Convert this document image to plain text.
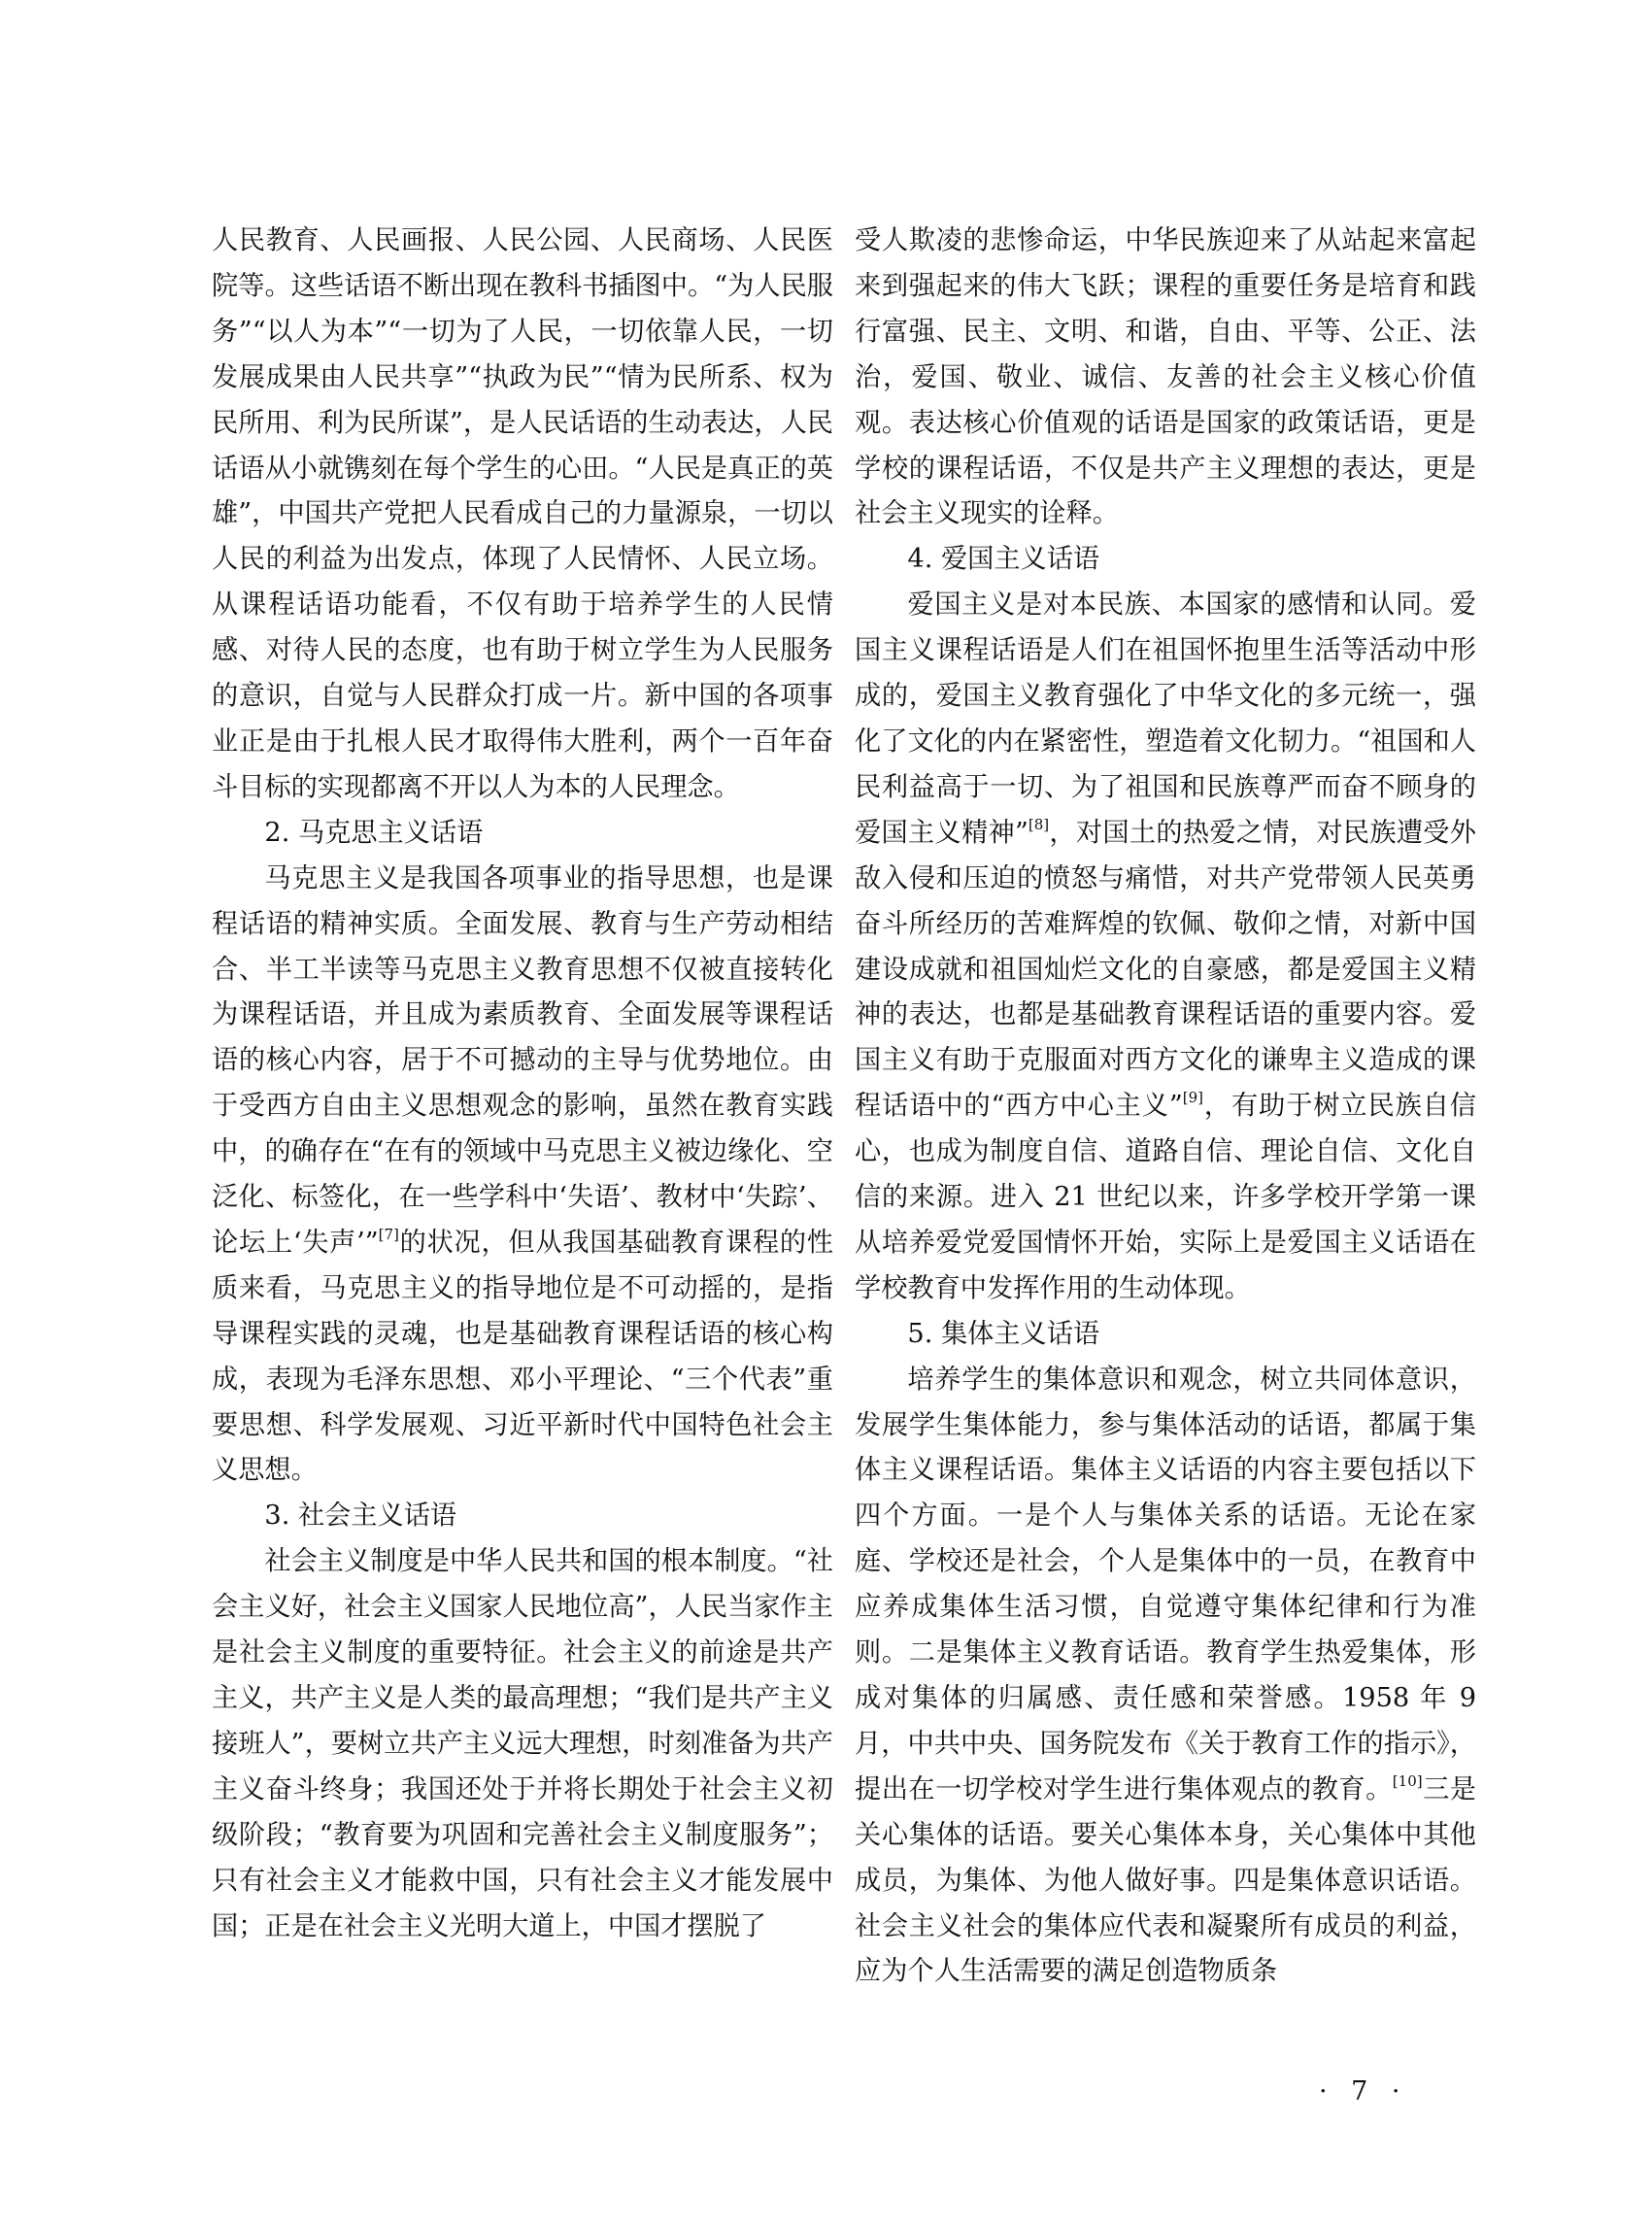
人民教育、人民画报、人民公园、人民商场、人民医院等。这些话语不断出现在教科书插图中。“为人民服务”“以人为本”“一切为了人民，一切依靠人民，一切发展成果由人民共享”“执政为民”“情为民所系、权为民所用、利为民所谋”，是人民话语的生动表达，人民话语从小就镌刻在每个学生的心田。“人民是真正的英雄”，中国共产党把人民看成自己的力量源泉，一切以人民的利益为出发点，体现了人民情怀、人民立场。从课程话语功能看，不仅有助于培养学生的人民情感、对待人民的态度，也有助于树立学生为人民服务的意识，自觉与人民群众打成一片。新中国的各项事业正是由于扎根人民才取得伟大胜利，两个一百年奋斗目标的实现都离不开以人为本的人民理念。

2. 马克思主义话语

马克思主义是我国各项事业的指导思想，也是课程话语的精神实质。全面发展、教育与生产劳动相结合、半工半读等马克思主义教育思想不仅被直接转化为课程话语，并且成为素质教育、全面发展等课程话语的核心内容，居于不可撼动的主导与优势地位。由于受西方自由主义思想观念的影响，虽然在教育实践中，的确存在“在有的领域中马克思主义被边缘化、空泛化、标签化，在一些学科中‘失语’、教材中‘失踪’、论坛上‘失声’”[7]的状况，但从我国基础教育课程的性质来看，马克思主义的指导地位是不可动摇的，是指导课程实践的灵魂，也是基础教育课程话语的核心构成，表现为毛泽东思想、邓小平理论、“三个代表”重要思想、科学发展观、习近平新时代中国特色社会主义思想。

3. 社会主义话语

社会主义制度是中华人民共和国的根本制度。“社会主义好，社会主义国家人民地位高”，人民当家作主是社会主义制度的重要特征。社会主义的前途是共产主义，共产主义是人类的最高理想；“我们是共产主义接班人”，要树立共产主义远大理想，时刻准备为共产主义奋斗终身；我国还处于并将长期处于社会主义初级阶段；“教育要为巩固和完善社会主义制度服务”；只有社会主义才能救中国，只有社会主义才能发展中国；正是在社会主义光明大道上，中国才摆脱了

受人欺凌的悲惨命运，中华民族迎来了从站起来富起来到强起来的伟大飞跃；课程的重要任务是培育和践行富强、民主、文明、和谐，自由、平等、公正、法治，爱国、敬业、诚信、友善的社会主义核心价值观。表达核心价值观的话语是国家的政策话语，更是学校的课程话语，不仅是共产主义理想的表达，更是社会主义现实的诠释。

4. 爱国主义话语

爱国主义是对本民族、本国家的感情和认同。爱国主义课程话语是人们在祖国怀抱里生活等活动中形成的，爱国主义教育强化了中华文化的多元统一，强化了文化的内在紧密性，塑造着文化韧力。“祖国和人民利益高于一切、为了祖国和民族尊严而奋不顾身的爱国主义精神”[8]，对国土的热爱之情，对民族遭受外敌入侵和压迫的愤怒与痛惜，对共产党带领人民英勇奋斗所经历的苦难辉煌的钦佩、敬仰之情，对新中国建设成就和祖国灿烂文化的自豪感，都是爱国主义精神的表达，也都是基础教育课程话语的重要内容。爱国主义有助于克服面对西方文化的谦卑主义造成的课程话语中的“西方中心主义”[9]，有助于树立民族自信心，也成为制度自信、道路自信、理论自信、文化自信的来源。进入 21 世纪以来，许多学校开学第一课从培养爱党爱国情怀开始，实际上是爱国主义话语在学校教育中发挥作用的生动体现。

5. 集体主义话语

培养学生的集体意识和观念，树立共同体意识，发展学生集体能力，参与集体活动的话语，都属于集体主义课程话语。集体主义话语的内容主要包括以下四个方面。一是个人与集体关系的话语。无论在家庭、学校还是社会，个人是集体中的一员，在教育中应养成集体生活习惯，自觉遵守集体纪律和行为准则。二是集体主义教育话语。教育学生热爱集体，形成对集体的归属感、责任感和荣誉感。1958 年 9 月，中共中央、国务院发布《关于教育工作的指示》，提出在一切学校对学生进行集体观点的教育。[10]三是关心集体的话语。要关心集体本身，关心集体中其他成员，为集体、为他人做好事。四是集体意识话语。社会主义社会的集体应代表和凝聚所有成员的利益，应为个人生活需要的满足创造物质条

· 7 ·
